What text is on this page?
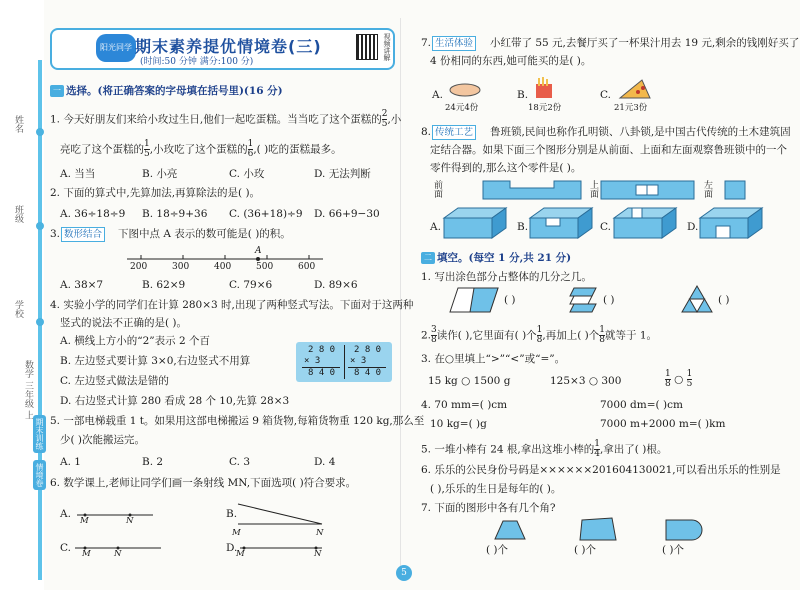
姓名
班级
学校
数学 三年级 上
期末训练
情境卷
阳光同学 期末素养提优情境卷(三)
(时间:50 分钟 满分:100 分)
视频讲解
一 选择。(将正确答案的字母填在括号里)(16 分)
1. 今天好朋友们来给小玫过生日,他们一起吃蛋糕。当当吃了这个蛋糕的 $\frac{2}{5}$ ,小
亮吃了这个蛋糕的 $\frac{1}{5}$ ,小玫吃了这个蛋糕的 $\frac{1}{6}$ ,( )吃的蛋糕最多。
A. 当当	B. 小亮	C. 小玫	D. 无法判断
2. 下面的算式中,先算加法,再算除法的是( )。
A. 36÷18÷9 B. 18÷9+36 C. (36+18)÷9 D. 66+9−30
3. 数形结合 下图中点 A 表示的数可能是( )的积。
200	300	400	500	600
A
A. 38×7	B. 62×9	C. 79×6	D. 89×6
4. 实验小学的同学们在计算 280×3 时,出现了两种竖式写法。下面对于这两种
竖式的说法不正确的是( )。
A. 横线上方小的“2”表示 2 个百
B. 左边竖式要计算 3×0,右边竖式不用算
C. 左边竖式做法是错的
D. 右边竖式计算 280 看成 28 个 10,先算 28×3
2 8 0
× 3
8 4 0
2 8 0
× 3
8 4 0
5. 一部电梯载重 1 t。如果用这部电梯搬运 9 箱货物,每箱货物重 120 kg,那么至
少( )次能搬运完。
A. 1	B. 2	C. 3	D. 4
6. 数学课上,老师让同学们画一条射线 MN,下面选项( )符合要求。
A.
M	N
B.
M	N
C. M	N	D.
M	N
7. 生活体验 小红带了 55 元,去餐厅买了一杯果汁用去 19 元,剩余的钱刚好买了
4 份相同的东西,她可能买的是( )。
A.
24元4份
B.
18元2份
C.
21元3份
8. 传统工艺 鲁班锁,民间也称作孔明锁、八卦锁,是中国古代传统的土木建筑固
定结合器。如果下面三个图形分别是从前面、上面和左面观察鲁班锁中的一个
零件得到的,那么这个零件是( )。
前面	上面	左面
A.	B.	C.	D.
二 填空。(每空 1 分,共 21 分)
1. 写出涂色部分占整体的几分之几。
( )	( )	( )
2. $\frac{3}{8}$ 读作( ),它里面有( )个 $\frac{1}{8}$ ,再加上( )个 $\frac{1}{8}$ 就等于 1。
3. 在○里填上“>”“<”或“=”。
15 kg ○ 1500 g	125×3 ○ 300	$\frac{1}{8}$ ○ $\frac{1}{5}$
4. 70 mm=( )cm	7000 dm=( )cm
10 kg=( )g	7000 m+2000 m=( )km
5. 一堆小棒有 24 根,拿出这堆小棒的 $\frac{1}{4}$ ,拿出了( )根。
6. 乐乐的公民身份号码是××××××201604130021,可以看出乐乐的性别是
( ),乐乐的生日是每年的( )。
7. 下面的图形中各有几个角?
( )个	( )个	( )个
5
